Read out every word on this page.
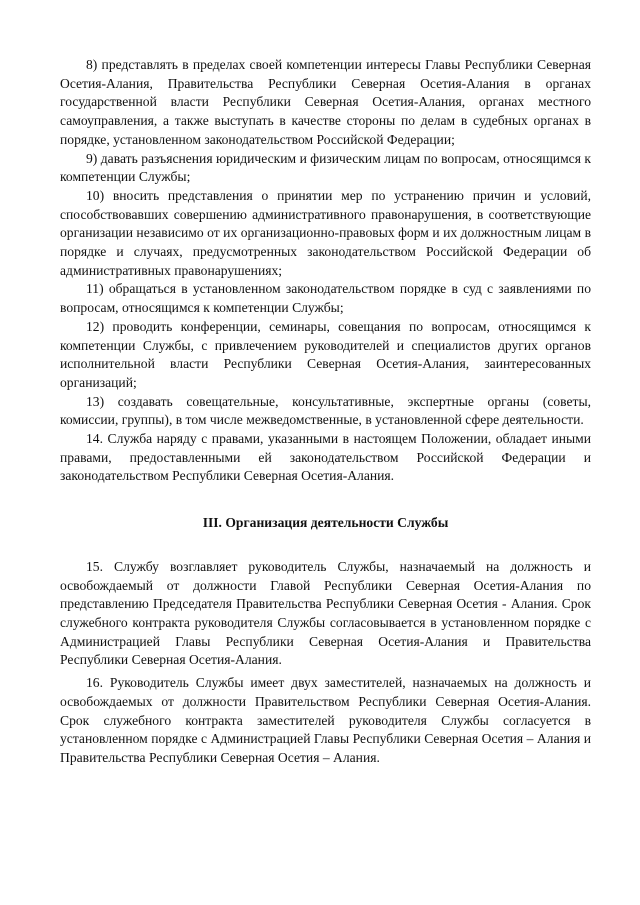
8) представлять в пределах своей компетенции интересы Главы Республики Северная Осетия-Алания, Правительства Республики Северная Осетия-Алания в органах государственной власти Республики Северная Осетия-Алания, органах местного самоуправления, а также выступать в качестве стороны по делам в судебных органах в порядке, установленном законодательством Российской Федерации;

9) давать разъяснения юридическим и физическим лицам по вопросам, относящимся к компетенции Службы;

10) вносить представления о принятии мер по устранению причин и условий, способствовавших совершению административного правонарушения, в соответствующие организации независимо от их организационно-правовых форм и их должностным лицам в порядке и случаях, предусмотренных законодательством Российской Федерации об административных правонарушениях;

11) обращаться в установленном законодательством порядке в суд с заявлениями по вопросам, относящимся к компетенции Службы;

12) проводить конференции, семинары, совещания по вопросам, относящимся к компетенции Службы, с привлечением руководителей и специалистов других органов исполнительной власти Республики Северная Осетия-Алания, заинтересованных организаций;

13) создавать совещательные, консультативные, экспертные органы (советы, комиссии, группы), в том числе межведомственные, в установленной сфере деятельности.

14. Служба наряду с правами, указанными в настоящем Положении, обладает иными правами, предоставленными ей законодательством Российской Федерации и законодательством Республики Северная Осетия-Алания.

III. Организация деятельности Службы

15. Службу возглавляет руководитель Службы, назначаемый на должность и освобождаемый от должности Главой Республики Северная Осетия-Алания по представлению Председателя Правительства Республики Северная Осетия - Алания. Срок служебного контракта руководителя Службы согласовывается в установленном порядке с Администрацией Главы Республики Северная Осетия-Алания и Правительства Республики Северная Осетия-Алания.

16. Руководитель Службы имеет двух заместителей, назначаемых на должность и освобождаемых от должности Правительством Республики Северная Осетия-Алания. Срок служебного контракта заместителей руководителя Службы согласуется в установленном порядке с Администрацией Главы Республики Северная Осетия – Алания и Правительства Республики Северная Осетия – Алания.
